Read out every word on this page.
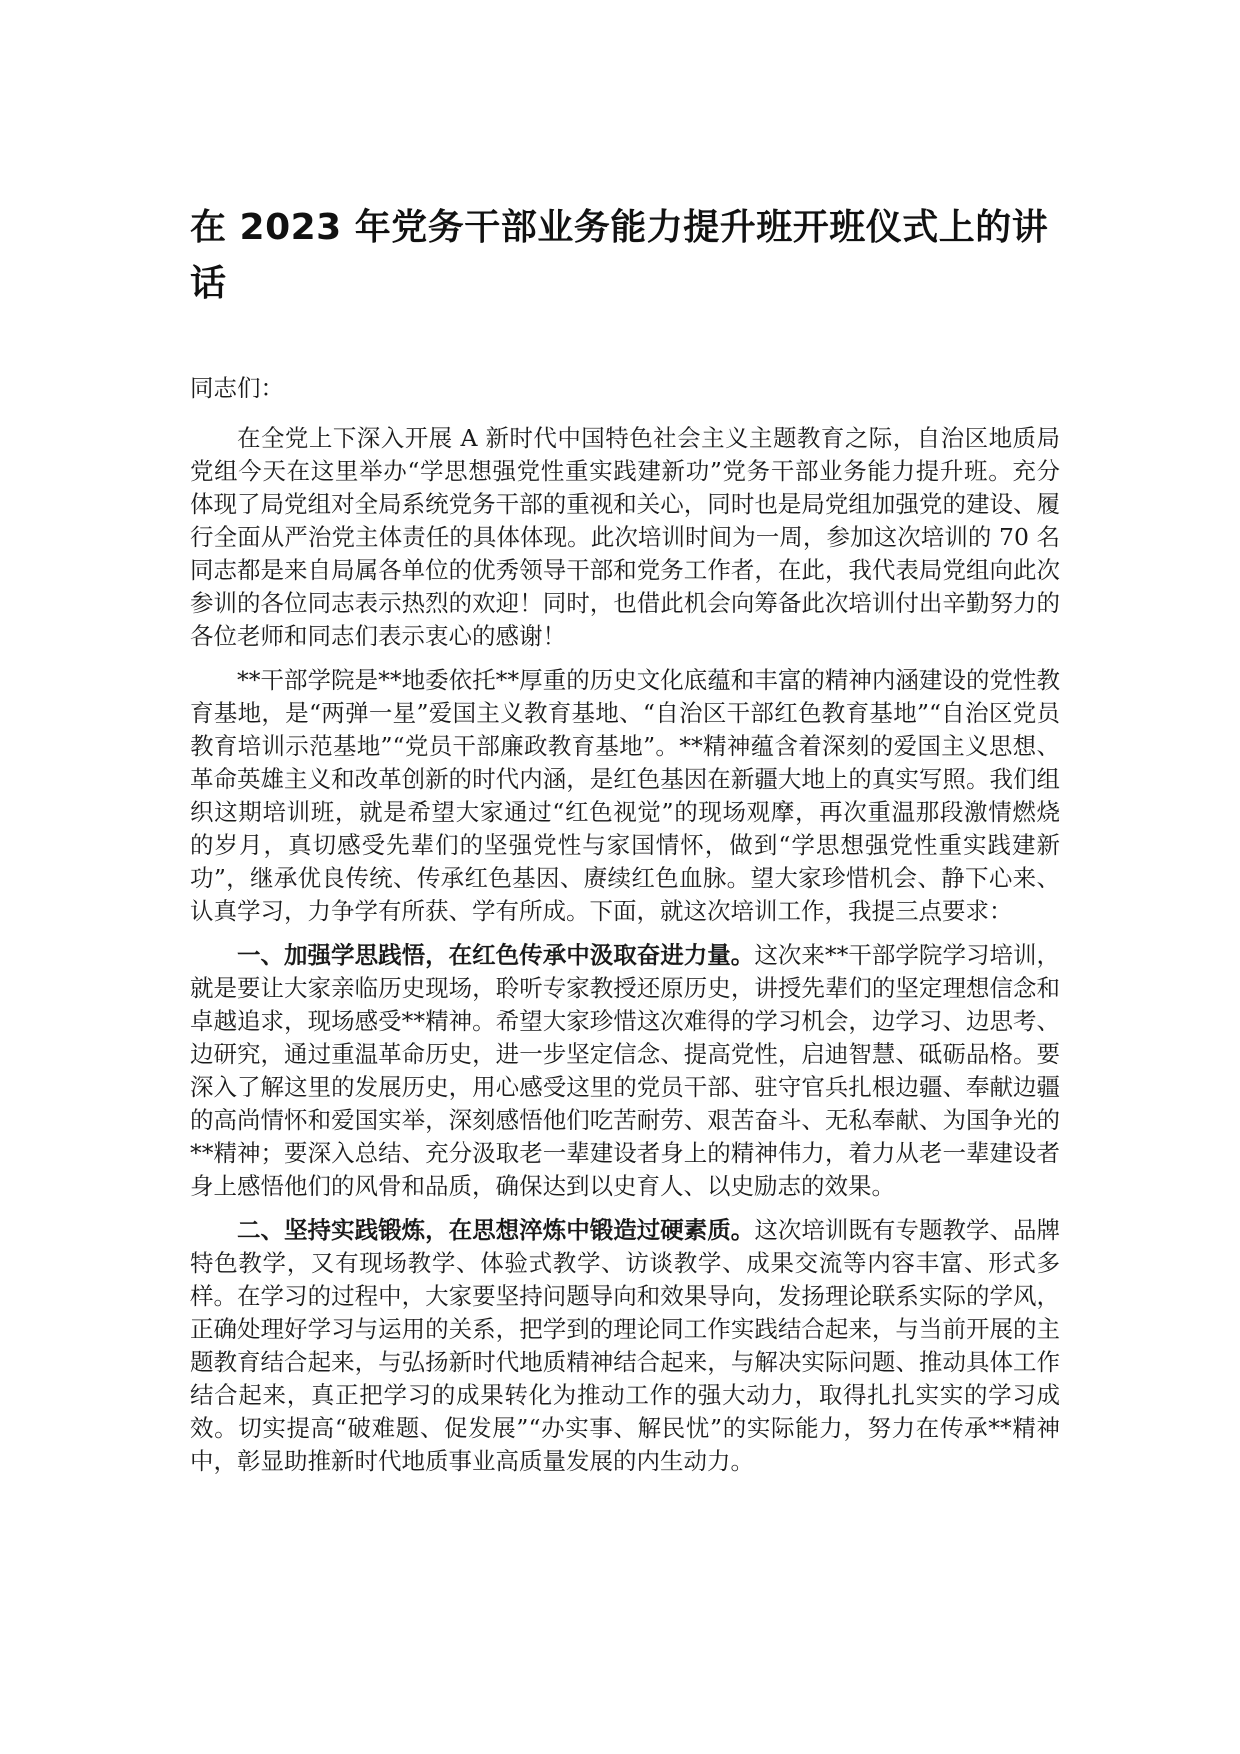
在 2023 年党务干部业务能力提升班开班仪式上的讲话

同志们：

在全党上下深入开展 A 新时代中国特色社会主义主题教育之际，自治区地质局党组今天在这里举办“学思想强党性重实践建新功”党务干部业务能力提升班。充分体现了局党组对全局系统党务干部的重视和关心，同时也是局党组加强党的建设、履行全面从严治党主体责任的具体体现。此次培训时间为一周，参加这次培训的 70 名同志都是来自局属各单位的优秀领导干部和党务工作者，在此，我代表局党组向此次参训的各位同志表示热烈的欢迎！同时，也借此机会向筹备此次培训付出辛勤努力的各位老师和同志们表示衷心的感谢！

**干部学院是**地委依托**厚重的历史文化底蕴和丰富的精神内涵建设的党性教育基地，是“两弹一星”爱国主义教育基地、“自治区干部红色教育基地”“自治区党员教育培训示范基地”“党员干部廉政教育基地”。**精神蕴含着深刻的爱国主义思想、革命英雄主义和改革创新的时代内涵，是红色基因在新疆大地上的真实写照。我们组织这期培训班，就是希望大家通过“红色视觉”的现场观摩，再次重温那段激情燃烧的岁月，真切感受先辈们的坚强党性与家国情怀，做到“学思想强党性重实践建新功”，继承优良传统、传承红色基因、赓续红色血脉。望大家珍惜机会、静下心来、认真学习，力争学有所获、学有所成。下面，就这次培训工作，我提三点要求：

一、加强学思践悟，在红色传承中汲取奋进力量。这次来**干部学院学习培训，就是要让大家亲临历史现场，聆听专家教授还原历史，讲授先辈们的坚定理想信念和卓越追求，现场感受**精神。希望大家珍惜这次难得的学习机会，边学习、边思考、边研究，通过重温革命历史，进一步坚定信念、提高党性，启迪智慧、砥砺品格。要深入了解这里的发展历史，用心感受这里的党员干部、驻守官兵扎根边疆、奉献边疆的高尚情怀和爱国实举，深刻感悟他们吃苦耐劳、艰苦奋斗、无私奉献、为国争光的**精神；要深入总结、充分汲取老一辈建设者身上的精神伟力，着力从老一辈建设者身上感悟他们的风骨和品质，确保达到以史育人、以史励志的效果。

二、坚持实践锻炼，在思想淬炼中锻造过硬素质。这次培训既有专题教学、品牌特色教学，又有现场教学、体验式教学、访谈教学、成果交流等内容丰富、形式多样。在学习的过程中，大家要坚持问题导向和效果导向，发扬理论联系实际的学风，正确处理好学习与运用的关系，把学到的理论同工作实践结合起来，与当前开展的主题教育结合起来，与弘扬新时代地质精神结合起来，与解决实际问题、推动具体工作结合起来，真正把学习的成果转化为推动工作的强大动力，取得扎扎实实的学习成效。切实提高“破难题、促发展”“办实事、解民忧”的实际能力，努力在传承**精神中，彰显助推新时代地质事业高质量发展的内生动力。
